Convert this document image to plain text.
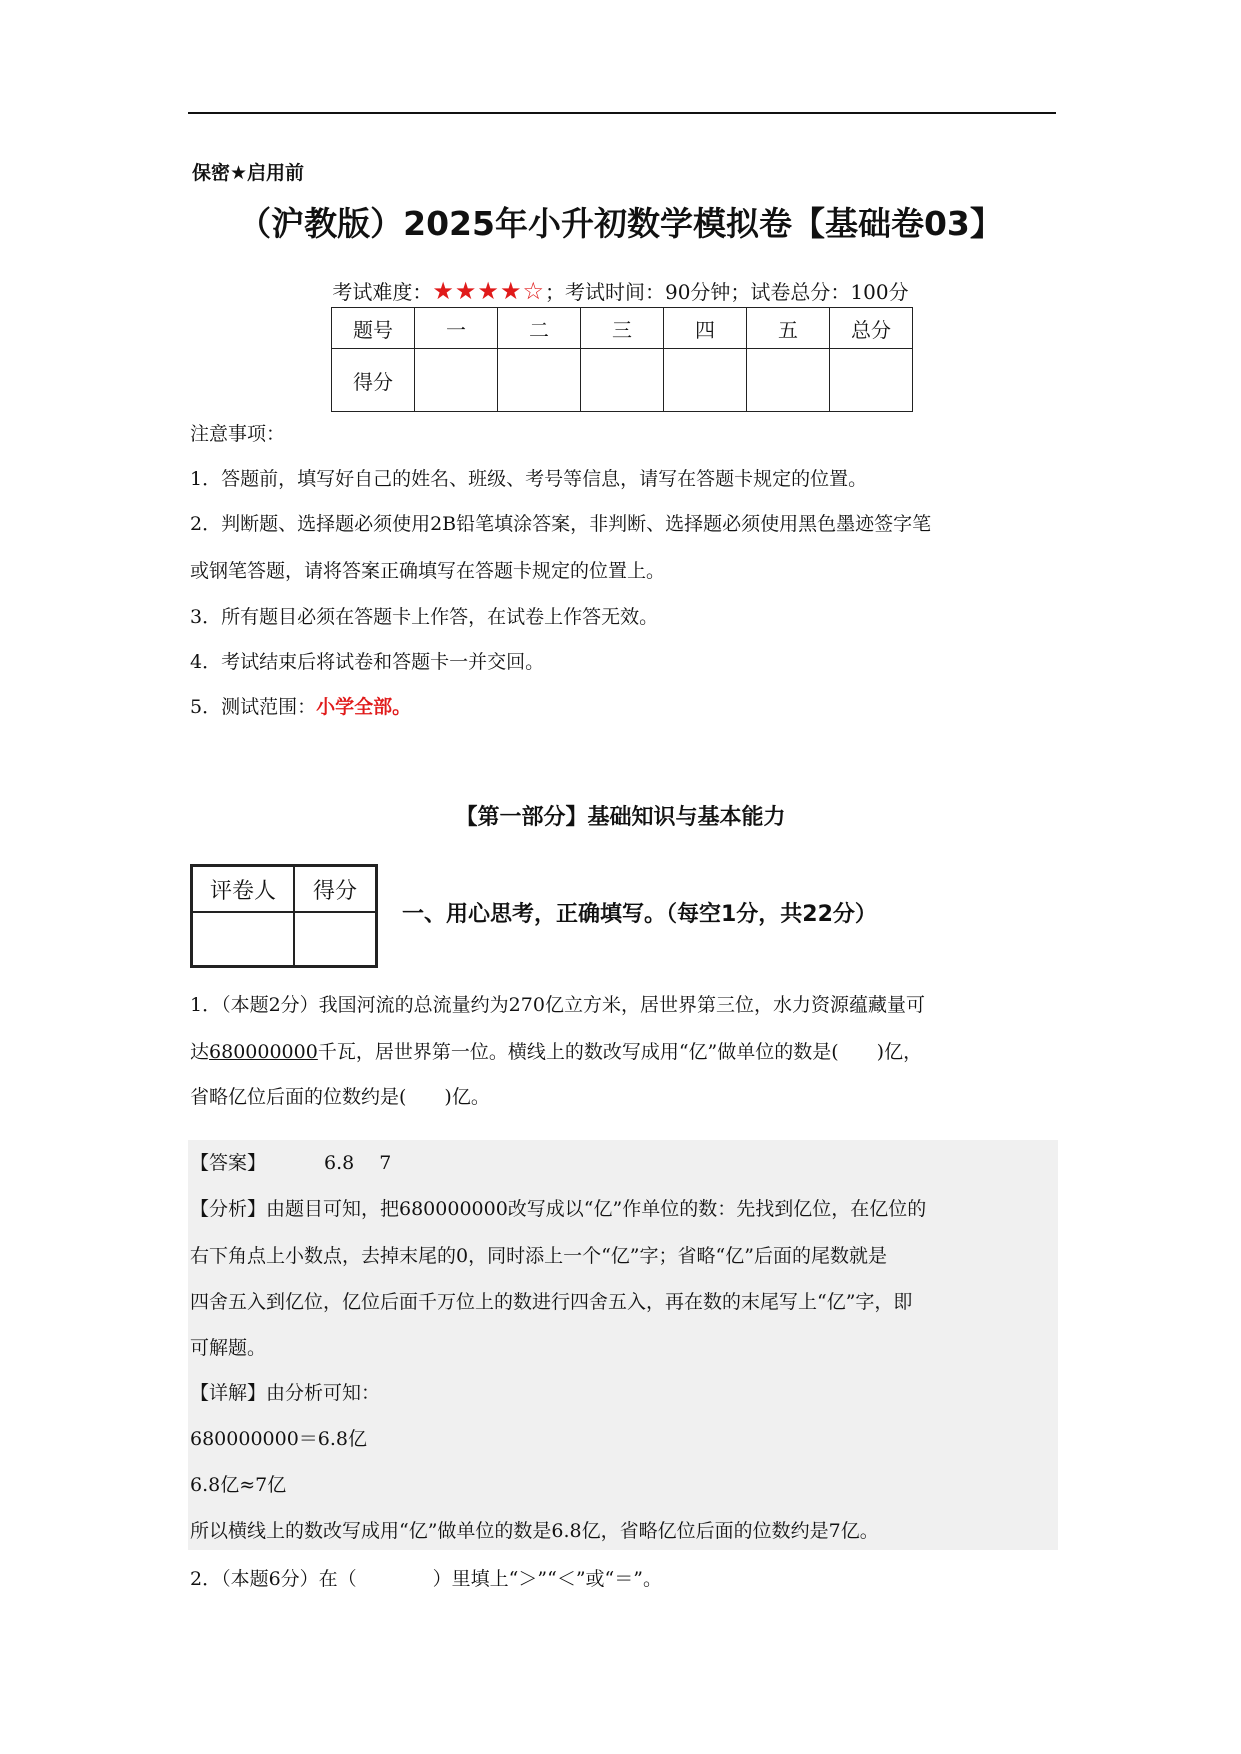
保密★启用前
（沪教版）2025年小升初数学模拟卷【基础卷03】
考试难度：★★★★☆；考试时间：90分钟；试卷总分：100分
题号	一	二	三	四	五	总分
得分						
注意事项：
1．答题前，填写好自己的姓名、班级、考号等信息，请写在答题卡规定的位置。
2．判断题、选择题必须使用2B铅笔填涂答案，非判断、选择题必须使用黑色墨迹签字笔
或钢笔答题，请将答案正确填写在答题卡规定的位置上。
3．所有题目必须在答题卡上作答，在试卷上作答无效。
4．考试结束后将试卷和答题卡一并交回。
5．测试范围：小学全部。
【第一部分】基础知识与基本能力
评卷人	得分

一、用心思考，正确填写。（每空1分，共22分）
1．（本题2分）我国河流的总流量约为270亿立方米，居世界第三位，水力资源蕴藏量可
达680000000千瓦，居世界第一位。横线上的数改写成用“亿”做单位的数是(　　)亿，
省略亿位后面的位数约是(　　)亿。
【答案】	6.8　 7
【分析】由题目可知，把680000000改写成以“亿”作单位的数：先找到亿位，在亿位的
右下角点上小数点，去掉末尾的0，同时添上一个“亿”字；省略“亿”后面的尾数就是
四舍五入到亿位，亿位后面千万位上的数进行四舍五入，再在数的末尾写上“亿”字，即
可解题。
【详解】由分析可知：
680000000＝6.8亿
6.8亿≈7亿
所以横线上的数改写成用“亿”做单位的数是6.8亿，省略亿位后面的位数约是7亿。
2．（本题6分）在（　　　　）里填上“＞”“＜”或“＝”。
